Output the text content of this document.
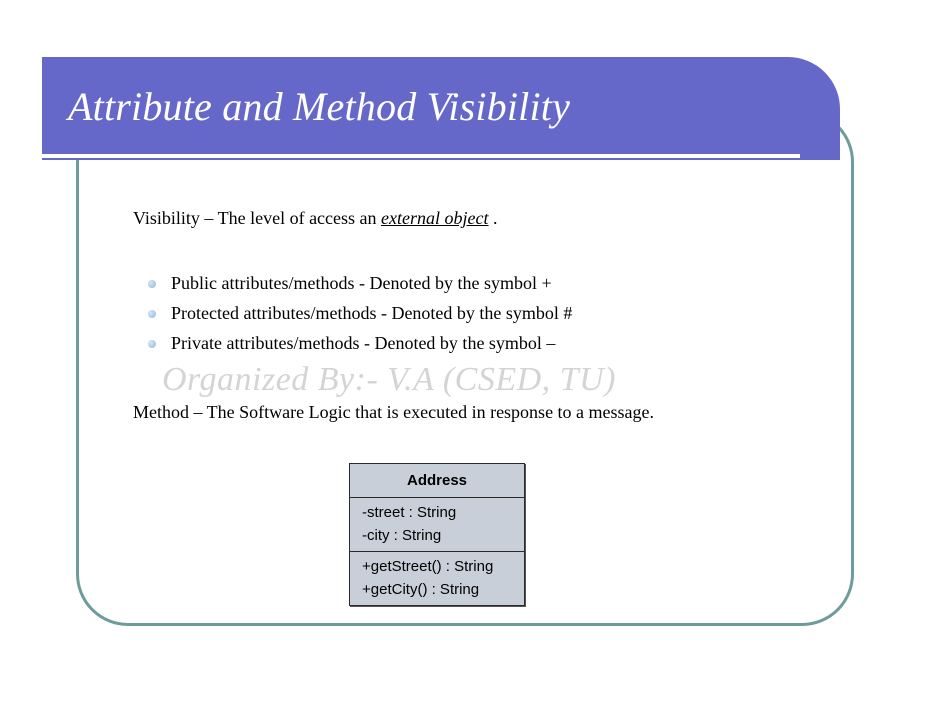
Attribute and Method Visibility
Visibility – The level of access an external object .
Public attributes/methods - Denoted by the symbol +
Protected attributes/methods - Denoted by the symbol #
Private attributes/methods - Denoted by the symbol –
Organized By:- V.A (CSED, TU)
Method – The Software Logic that is executed in response to a message.
Address
-street : String
-city : String
+getStreet() : String
+getCity() : String
